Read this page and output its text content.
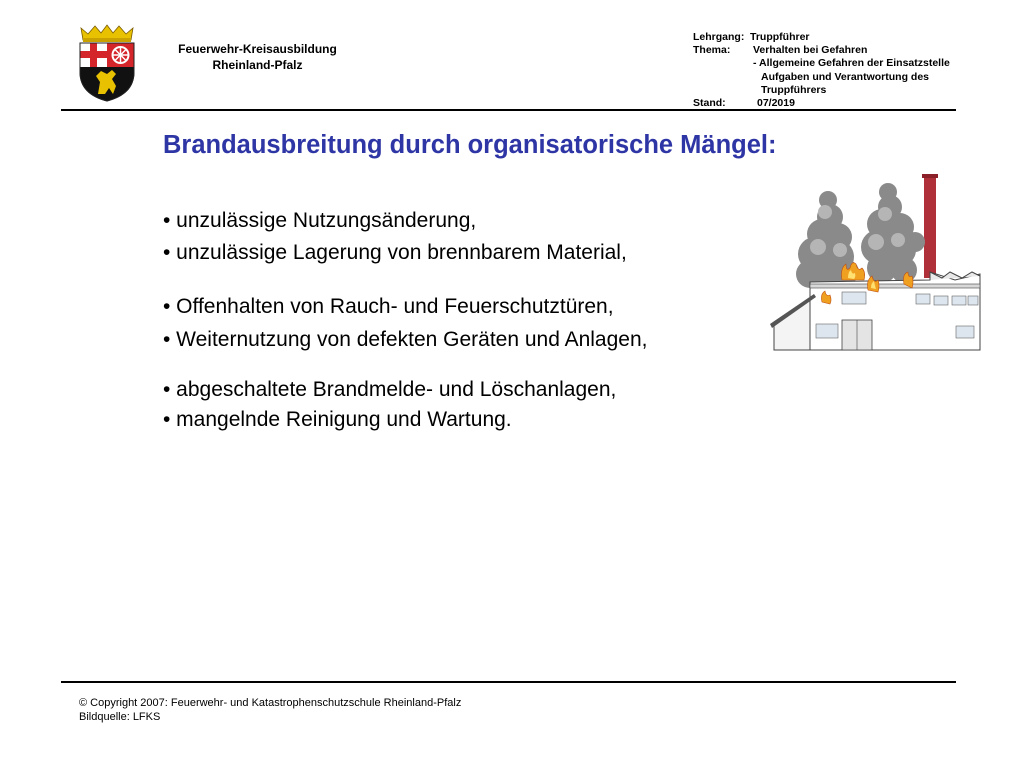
Feuerwehr-Kreisausbildung
Rheinland-Pfalz
Lehrgang: Truppführer
Thema: Verhalten bei Gefahren
- Allgemeine Gefahren der Einsatzstelle
Aufgaben und Verantwortung des
Truppführers
Stand:	07/2019
Brandausbreitung durch organisatorische Mängel:
• unzulässige Nutzungsänderung,
• unzulässige Lagerung von brennbarem Material,
• Offenhalten von Rauch- und Feuerschutztüren,
• Weiternutzung von defekten Geräten und Anlagen,
• abgeschaltete Brandmelde- und Löschanlagen,
• mangelnde Reinigung und Wartung.
© Copyright 2007: Feuerwehr- und Katastrophenschutzschule Rheinland-Pfalz
Bildquelle: LFKS
